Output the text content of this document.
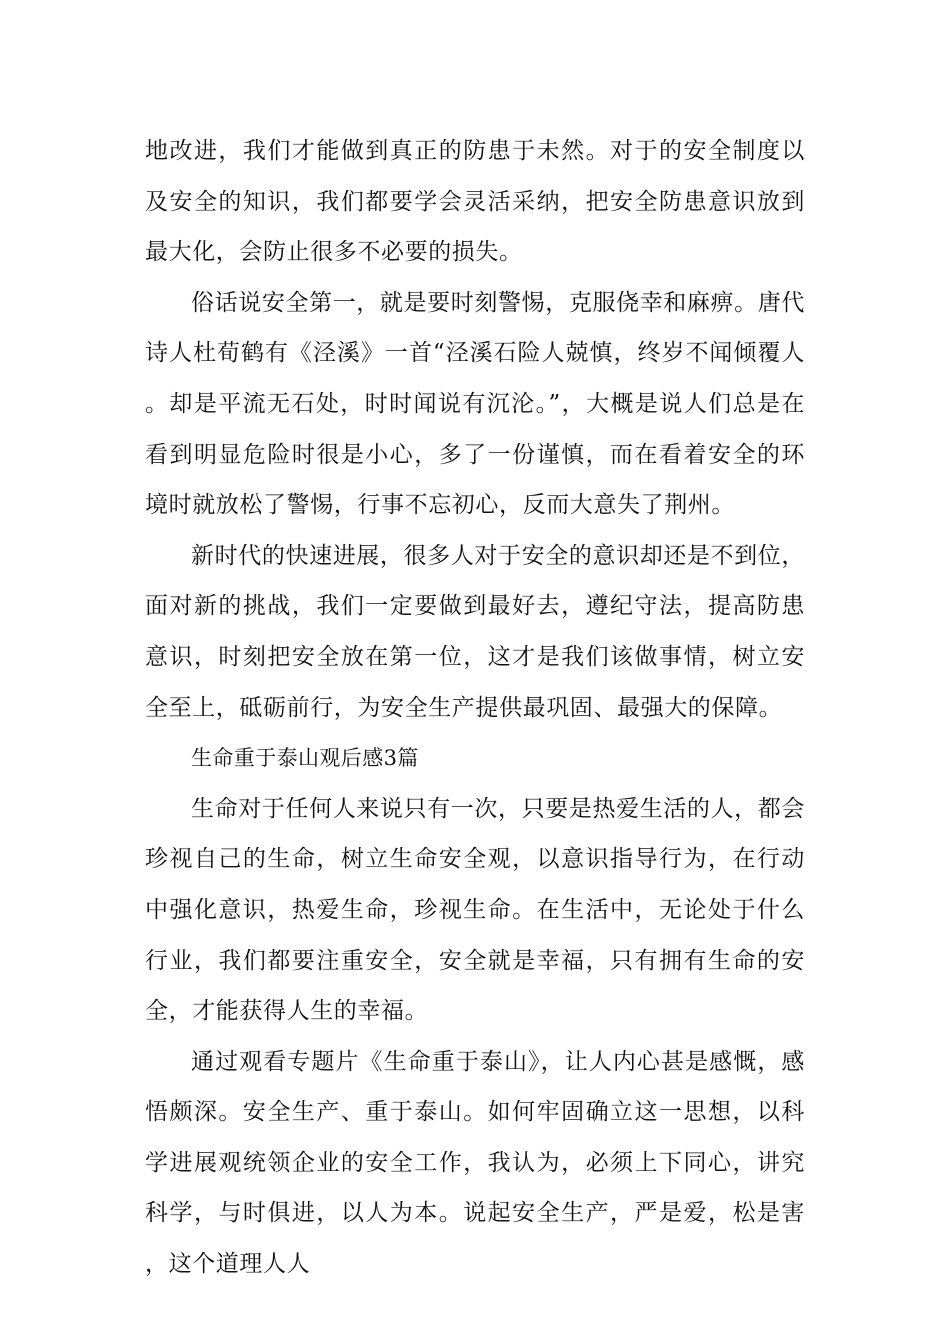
地改进，我们才能做到真正的防患于未然。对于的安全制度以及安全的知识，我们都要学会灵活采纳，把安全防患意识放到最大化，会防止很多不必要的损失。

俗话说安全第一，就是要时刻警惕，克服侥幸和麻痹。唐代诗人杜荀鹤有《泾溪》一首“泾溪石险人兢慎，终岁不闻倾覆人。却是平流无石处，时时闻说有沉沦。”，大概是说人们总是在看到明显危险时很是小心，多了一份谨慎，而在看着安全的环境时就放松了警惕，行事不忘初心，反而大意失了荆州。

新时代的快速进展，很多人对于安全的意识却还是不到位，面对新的挑战，我们一定要做到最好去，遵纪守法，提高防患意识，时刻把安全放在第一位，这才是我们该做事情，树立安全至上，砥砺前行，为安全生产提供最巩固、最强大的保障。

生命重于泰山观后感3篇

生命对于任何人来说只有一次，只要是热爱生活的人，都会珍视自己的生命，树立生命安全观，以意识指导行为，在行动中强化意识，热爱生命，珍视生命。在生活中，无论处于什么行业，我们都要注重安全，安全就是幸福，只有拥有生命的安全，才能获得人生的幸福。

通过观看专题片《生命重于泰山》，让人内心甚是感慨，感悟颇深。安全生产、重于泰山。如何牢固确立这一思想，以科学进展观统领企业的安全工作，我认为，必须上下同心，讲究科学，与时俱进，以人为本。说起安全生产，严是爱，松是害，这个道理人人
